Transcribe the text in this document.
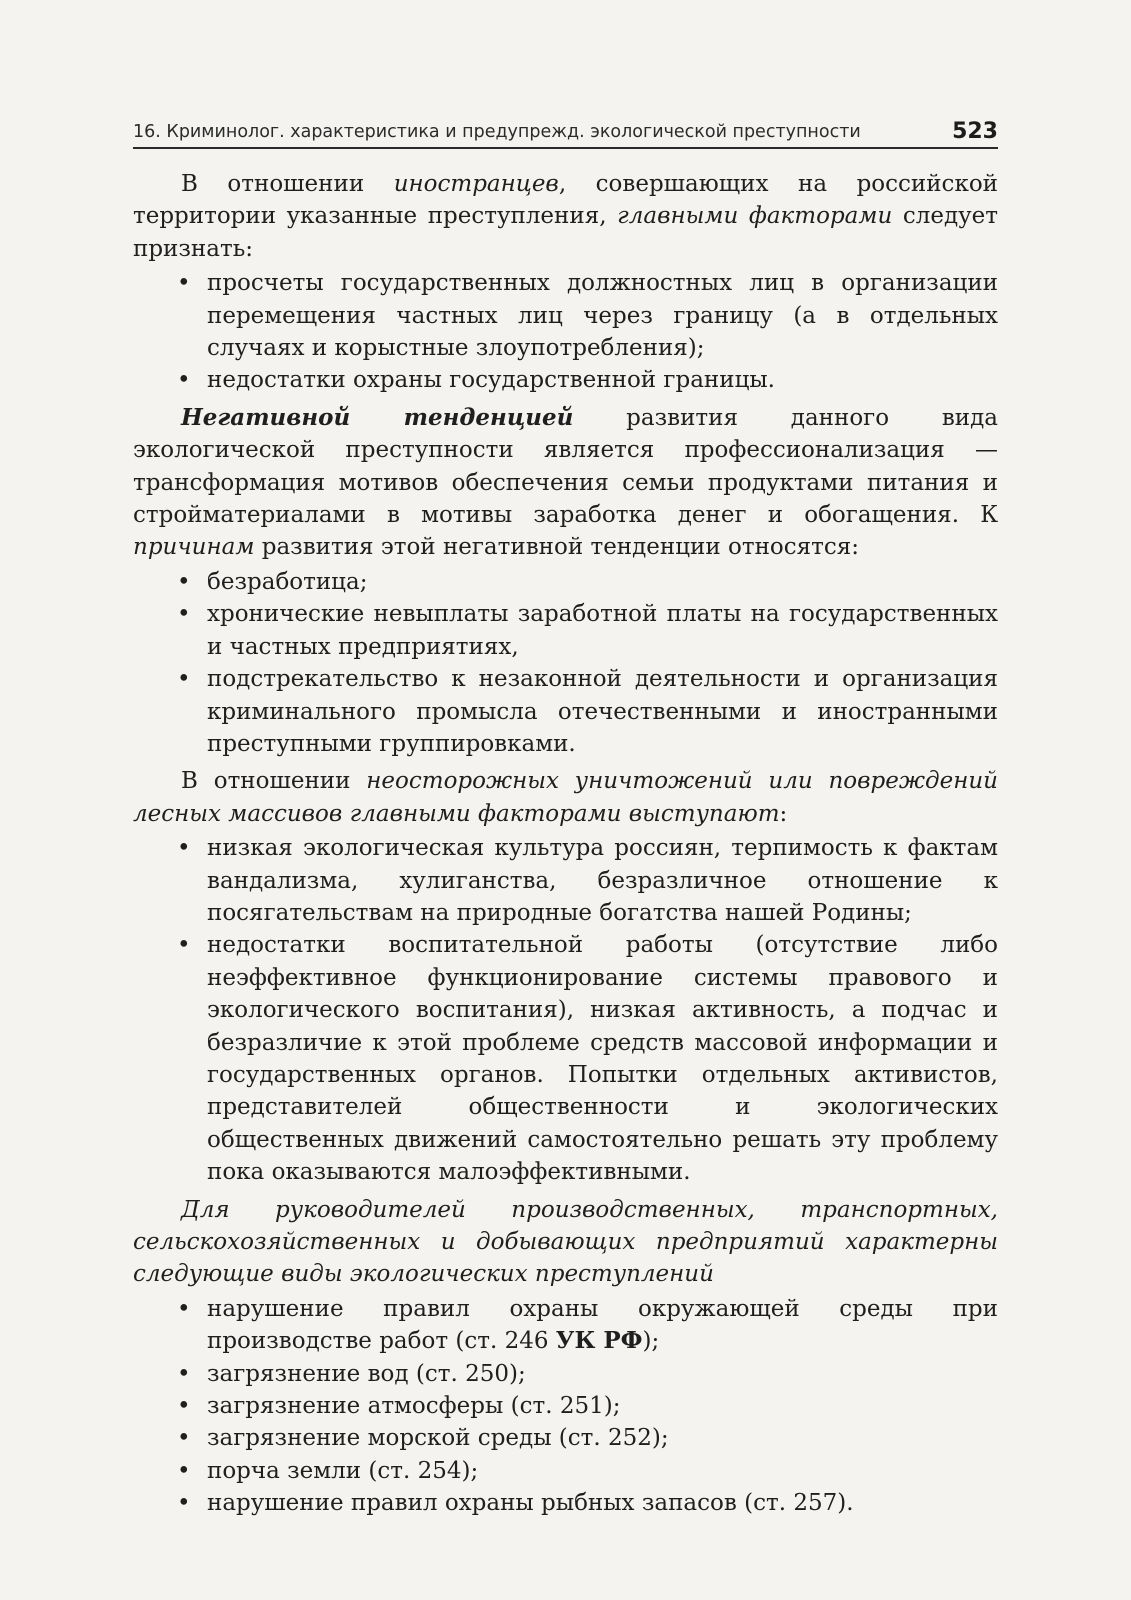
16. Криминолог. характеристика и предупрежд. экологической преступности	523

В отношении иностранцев, совершающих на российской территории указанные преступления, главными факторами следует признать:

• просчеты государственных должностных лиц в организации перемещения частных лиц через границу (а в отдельных случаях и корыстные злоупотребления);
• недостатки охраны государственной границы.

Негативной тенденцией развития данного вида экологической преступности является профессионализация — трансформация мотивов обеспечения семьи продуктами питания и стройматериалами в мотивы заработка денег и обогащения. К причинам развития этой негативной тенденции относятся:

• безработица;
• хронические невыплаты заработной платы на государственных и частных предприятиях,
• подстрекательство к незаконной деятельности и организация криминального промысла отечественными и иностранными преступными группировками.

В отношении неосторожных уничтожений или повреждений лесных массивов главными факторами выступают:

• низкая экологическая культура россиян, терпимость к фактам вандализма, хулиганства, безразличное отношение к посягательствам на природные богатства нашей Родины;
• недостатки воспитательной работы (отсутствие либо неэффективное функционирование системы правового и экологического воспитания), низкая активность, а подчас и безразличие к этой проблеме средств массовой информации и государственных органов. Попытки отдельных активистов, представителей общественности и экологических общественных движений самостоятельно решать эту проблему пока оказываются малоэффективными.

Для руководителей производственных, транспортных, сельскохозяйственных и добывающих предприятий характерны следующие виды экологических преступлений

• нарушение правил охраны окружающей среды при производстве работ (ст. 246 УК РФ);
• загрязнение вод (ст. 250);
• загрязнение атмосферы (ст. 251);
• загрязнение морской среды (ст. 252);
• порча земли (ст. 254);
• нарушение правил охраны рыбных запасов (ст. 257).
